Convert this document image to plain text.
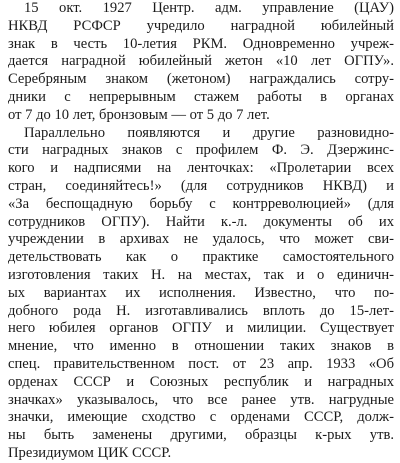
15 окт. 1927 Центр. адм. управление (ЦАУ)
НКВД РСФСР учредило наградной юбилейный
знак в честь 10-летия РКМ. Одновременно учреж-
дается наградной юбилейный жетон «10 лет ОГПУ».
Серебряным знаком (жетоном) награждались сотру-
дники с непрерывным стажем работы в органах
от 7 до 10 лет, бронзовым — от 5 до 7 лет.

Параллельно появляются и другие разновидно-
сти наградных знаков с профилем Ф. Э. Дзержинс-
кого и надписями на ленточках: «Пролетарии всех
стран, соединяйтесь!» (для сотрудников НКВД) и
«За беспощадную борьбу с контрреволюцией» (для
сотрудников ОГПУ). Найти к.-л. документы об их
учреждении в архивах не удалось, что может сви-
детельствовать как о практике самостоятельного
изготовления таких Н. на местах, так и о единичн-
ых вариантах их исполнения. Известно, что по-
добного рода Н. изготавливались вплоть до 15-лет-
него юбилея органов ОГПУ и милиции. Существует
мнение, что именно в отношении таких знаков в
спец. правительственном пост. от 23 апр. 1933 «Об
орденах СССР и Союзных республик и наградных
значках» указывалось, что все ранее утв. нагрудные
значки, имеющие сходство с орденами СССР, долж-
ны быть заменены другими, образцы к-рых утв.
Президиумом ЦИК СССР.
